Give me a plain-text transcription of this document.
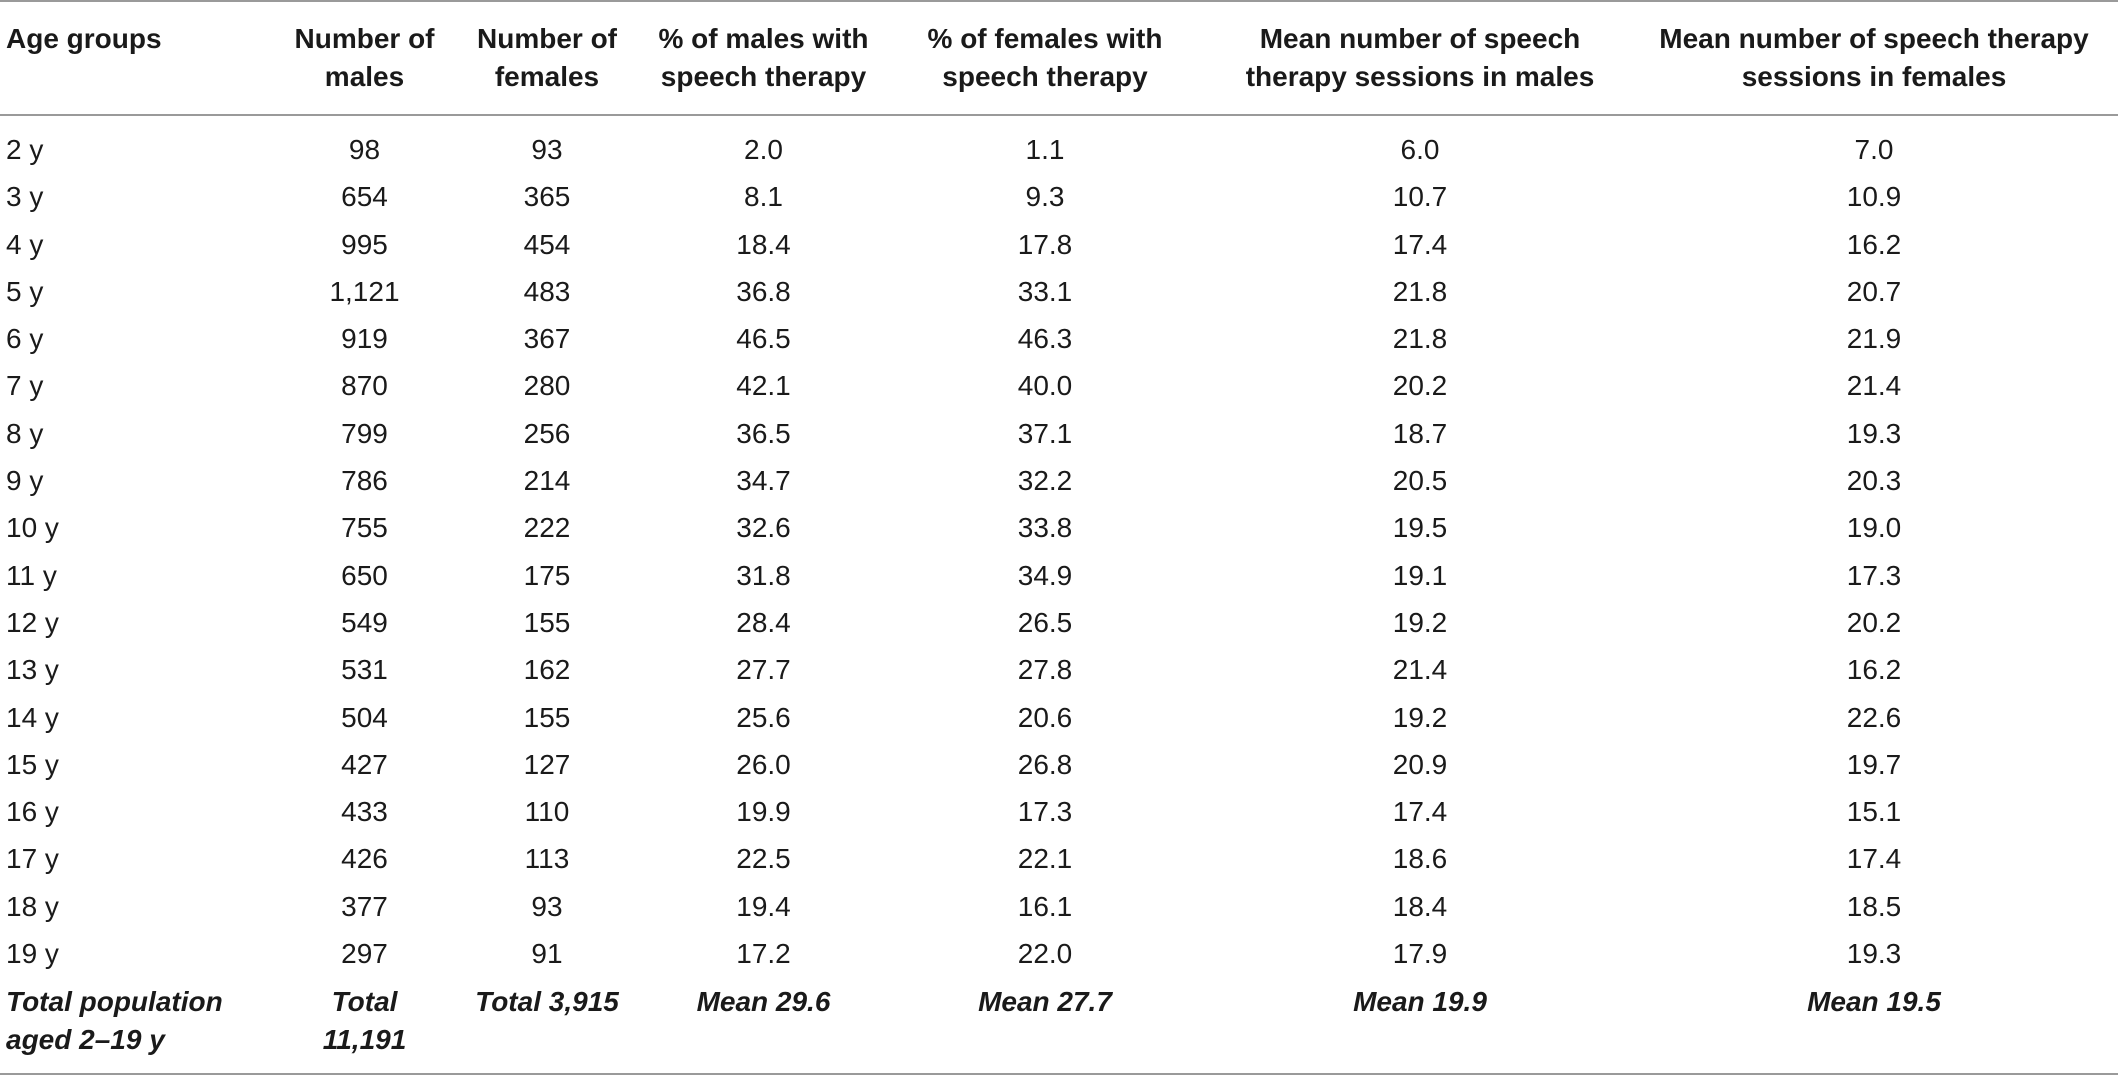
Age groups	Number of males	Number of females	% of males with speech therapy	% of females with speech therapy	Mean number of speech therapy sessions in males	Mean number of speech therapy sessions in females

2 y	98	93	2.0	1.1	6.0	7.0
3 y	654	365	8.1	9.3	10.7	10.9
4 y	995	454	18.4	17.8	17.4	16.2
5 y	1,121	483	36.8	33.1	21.8	20.7
6 y	919	367	46.5	46.3	21.8	21.9
7 y	870	280	42.1	40.0	20.2	21.4
8 y	799	256	36.5	37.1	18.7	19.3
9 y	786	214	34.7	32.2	20.5	20.3
10 y	755	222	32.6	33.8	19.5	19.0
11 y	650	175	31.8	34.9	19.1	17.3
12 y	549	155	28.4	26.5	19.2	20.2
13 y	531	162	27.7	27.8	21.4	16.2
14 y	504	155	25.6	20.6	19.2	22.6
15 y	427	127	26.0	26.8	20.9	19.7
16 y	433	110	19.9	17.3	17.4	15.1
17 y	426	113	22.5	22.1	18.6	17.4
18 y	377	93	19.4	16.1	18.4	18.5
19 y	297	91	17.2	22.0	17.9	19.3
Total population aged 2–19 y	Total 11,191	Total 3,915	Mean 29.6	Mean 27.7	Mean 19.9	Mean 19.5
